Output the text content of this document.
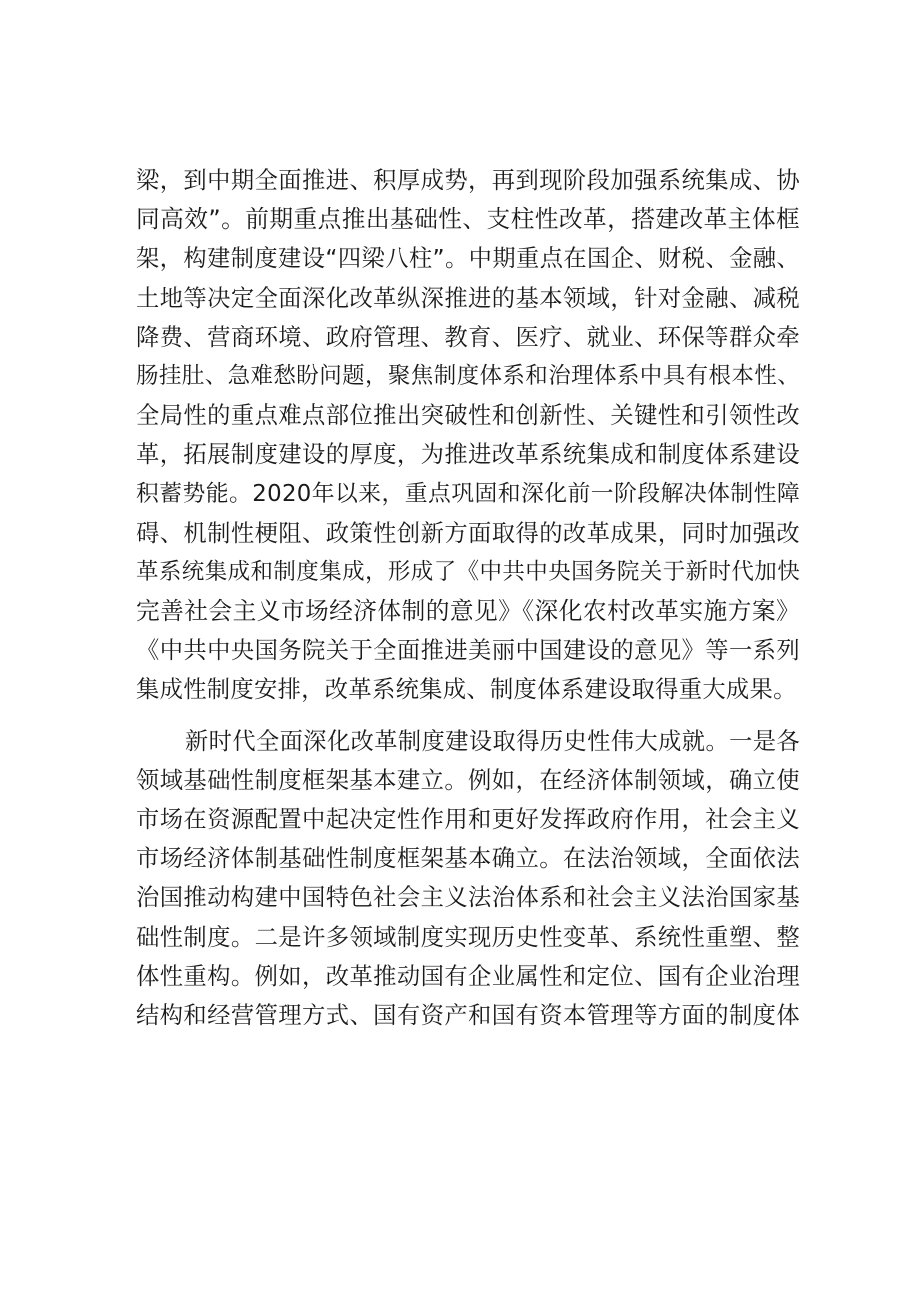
梁，到中期全面推进、积厚成势，再到现阶段加强系统集成、协
同高效”。前期重点推出基础性、支柱性改革，搭建改革主体框
架，构建制度建设“四梁八柱”。中期重点在国企、财税、金融、
土地等决定全面深化改革纵深推进的基本领域，针对金融、减税
降费、营商环境、政府管理、教育、医疗、就业、环保等群众牵
肠挂肚、急难愁盼问题，聚焦制度体系和治理体系中具有根本性、
全局性的重点难点部位推出突破性和创新性、关键性和引领性改
革，拓展制度建设的厚度，为推进改革系统集成和制度体系建设
积蓄势能。2020年以来，重点巩固和深化前一阶段解决体制性障
碍、机制性梗阻、政策性创新方面取得的改革成果，同时加强改
革系统集成和制度集成，形成了《中共中央国务院关于新时代加快
完善社会主义市场经济体制的意见》《深化农村改革实施方案》
《中共中央国务院关于全面推进美丽中国建设的意见》等一系列
集成性制度安排，改革系统集成、制度体系建设取得重大成果。
新时代全面深化改革制度建设取得历史性伟大成就。一是各
领域基础性制度框架基本建立。例如，在经济体制领域，确立使
市场在资源配置中起决定性作用和更好发挥政府作用，社会主义
市场经济体制基础性制度框架基本确立。在法治领域，全面依法
治国推动构建中国特色社会主义法治体系和社会主义法治国家基
础性制度。二是许多领域制度实现历史性变革、系统性重塑、整
体性重构。例如，改革推动国有企业属性和定位、国有企业治理
结构和经营管理方式、国有资产和国有资本管理等方面的制度体
